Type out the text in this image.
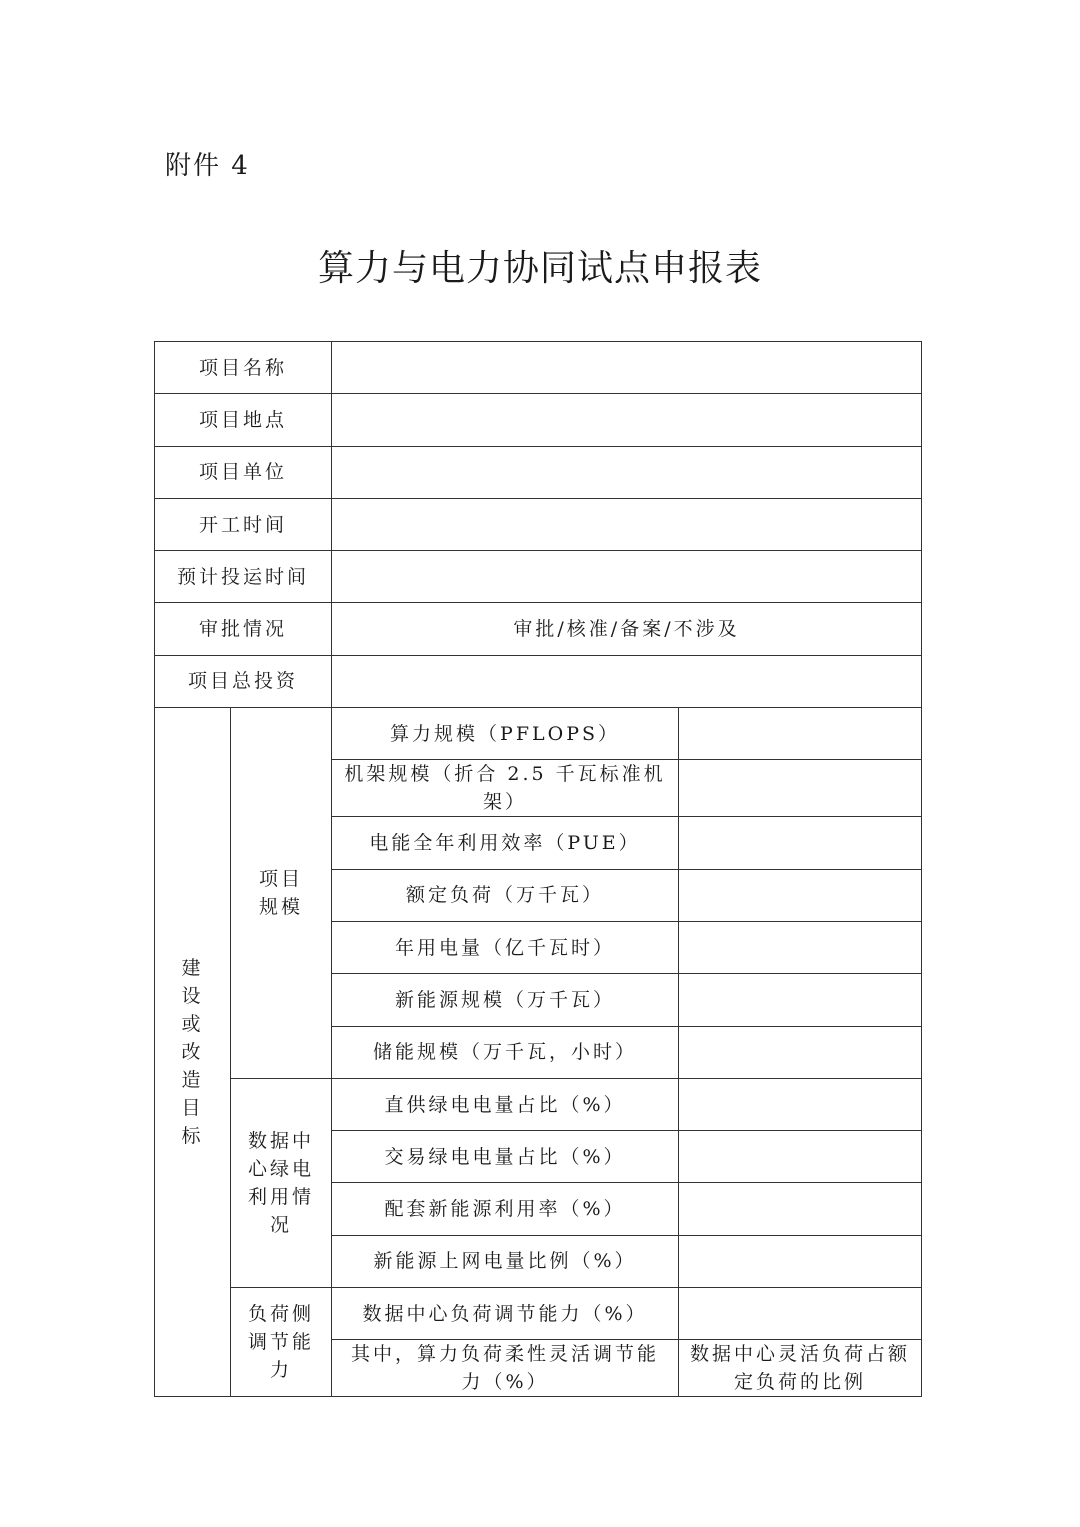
附件 4
算力与电力协同试点申报表
项目名称			
项目地点			
项目单位			
开工时间			
预计投运时间			
审批情况		审批/核准/备案/不涉及	
项目总投资			
建设或改造目标	项目规模	算力规模（PFLOPS）	
		机架规模（折合 2.5 千瓦标准机架）	
		电能全年利用效率（PUE）	
		额定负荷（万千瓦）	
		年用电量（亿千瓦时）	
		新能源规模（万千瓦）	
		储能规模（万千瓦，小时）	
	数据中心绿电利用情况	直供绿电电量占比（%）	
		交易绿电电量占比（%）	
		配套新能源利用率（%）	
		新能源上网电量比例（%）	
	负荷侧调节能力	数据中心负荷调节能力（%）	
		其中，算力负荷柔性灵活调节能力（%）	数据中心灵活负荷占额定负荷的比例
